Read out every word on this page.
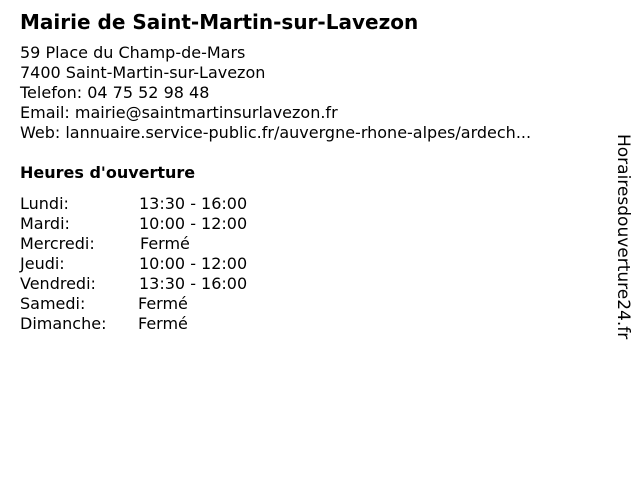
Mairie de Saint-Martin-sur-Lavezon
59 Place du Champ-de-Mars
7400 Saint-Martin-sur-Lavezon
Telefon: 04 75 52 98 48
Email: mairie@saintmartinsurlavezon.fr
Web: lannuaire.service-public.fr/auvergne-rhone-alpes/ardech...
Heures d'ouverture
Lundi:	13:30 - 16:00
Mardi:	10:00 - 12:00
Mercredi:	Fermé
Jeudi:	10:00 - 12:00
Vendredi:	13:30 - 16:00
Samedi:	Fermé
Dimanche:	Fermé	Horairesdouverture24.fr
